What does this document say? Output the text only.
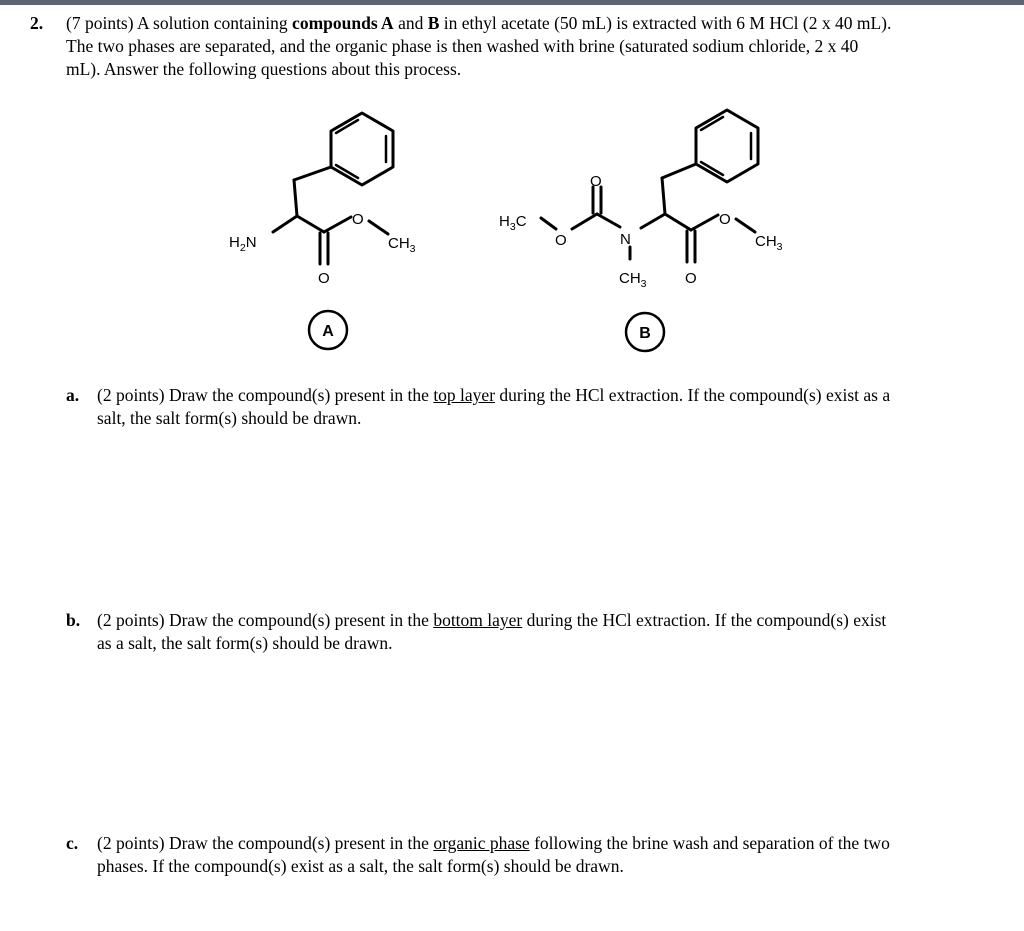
2. (7 points) A solution containing compounds A and B in ethyl acetate (50 mL) is extracted with 6 M HCl (2 x 40 mL).
The two phases are separated, and the organic phase is then washed with brine (saturated sodium chloride, 2 x 40
mL). Answer the following questions about this process.
$H_2N$
O
$CH_3$
O
A
$H_3C$
O
O
N
$CH_3$	O
O
$CH_3$
B
a. (2 points) Draw the compound(s) present in the top layer during the HCl extraction. If the compound(s) exist as a
salt, the salt form(s) should be drawn.
b. (2 points) Draw the compound(s) present in the bottom layer during the HCl extraction. If the compound(s) exist
as a salt, the salt form(s) should be drawn.
c. (2 points) Draw the compound(s) present in the organic phase following the brine wash and separation of the two
phases. If the compound(s) exist as a salt, the salt form(s) should be drawn.
